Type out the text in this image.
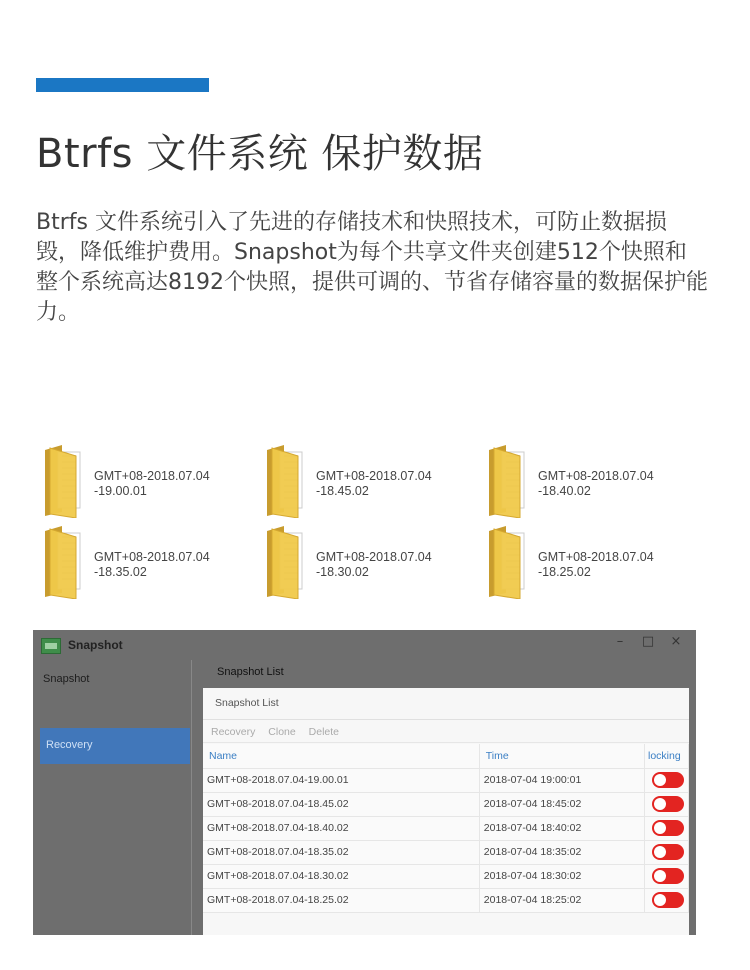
Btrfs 文件系统 保护数据

Btrfs 文件系统引入了先进的存储技术和快照技术，可防止数据损毁，降低维护费用。Snapshot为每个共享文件夹创建512个快照和整个系统高达8192个快照，提供可调的、节省存储容量的数据保护能力。

GMT+08-2018.07.04
-19.00.01
GMT+08-2018.07.04
-18.45.02
GMT+08-2018.07.04
-18.40.02
GMT+08-2018.07.04
-18.35.02
GMT+08-2018.07.04
-18.30.02
GMT+08-2018.07.04
-18.25.02
Snapshot	–	□	×
Snapshot
Recovery
Snapshot List
Snapshot List
Recovery Clone Delete
Name	Time	locking
GMT+08-2018.07.04-19.00.01	2018-07-04 19:00:01	
GMT+08-2018.07.04-18.45.02	2018-07-04 18:45:02	
GMT+08-2018.07.04-18.40.02	2018-07-04 18:40:02	
GMT+08-2018.07.04-18.35.02	2018-07-04 18:35:02	
GMT+08-2018.07.04-18.30.02	2018-07-04 18:30:02	
GMT+08-2018.07.04-18.25.02	2018-07-04 18:25:02	
